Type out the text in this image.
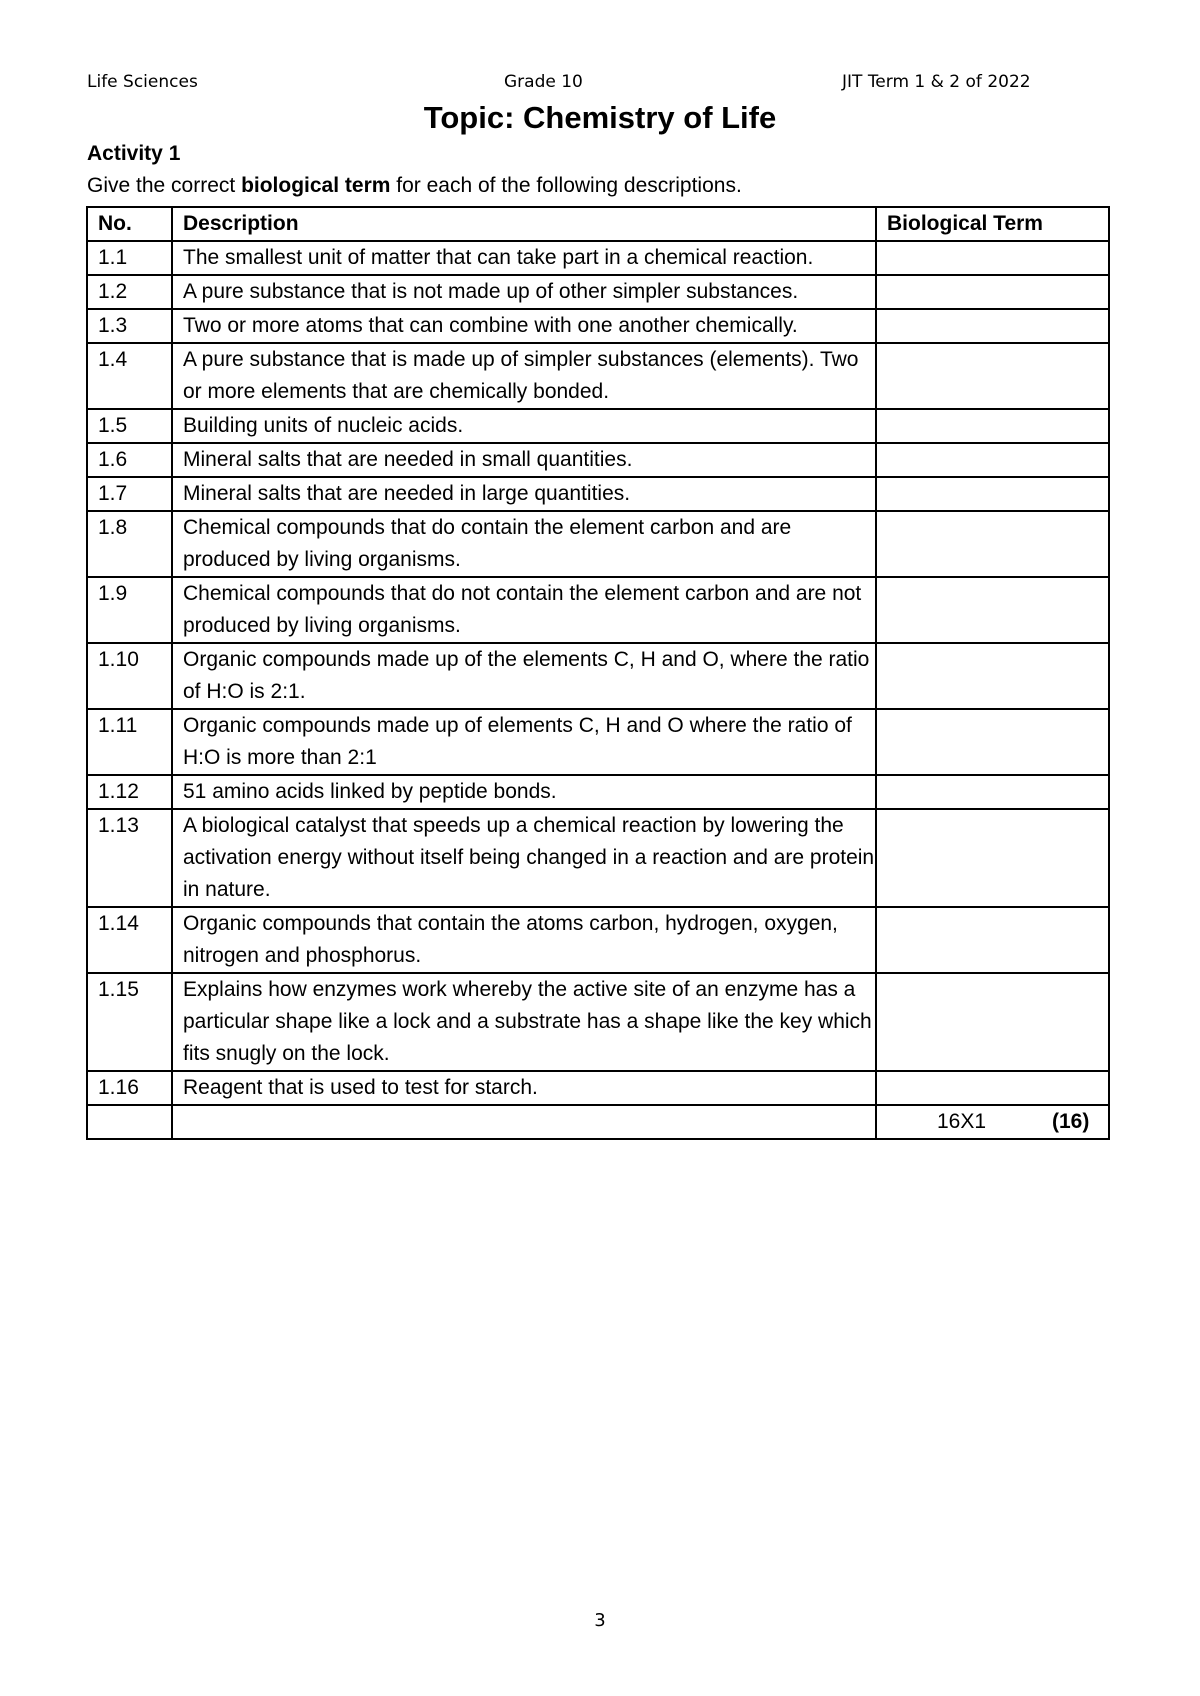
Life Sciences	Grade 10	JIT Term 1 & 2 of 2022
Topic: Chemistry of Life
Activity 1
Give the correct biological term for each of the following descriptions.
No.	Description	Biological Term
1.1	The smallest unit of matter that can take part in a chemical reaction.	
1.2	A pure substance that is not made up of other simpler substances.	
1.3	Two or more atoms that can combine with one another chemically.	
1.4	A pure substance that is made up of simpler substances (elements). Two or more elements that are chemically bonded.	
1.5	Building units of nucleic acids.	
1.6	Mineral salts that are needed in small quantities.	
1.7	Mineral salts that are needed in large quantities.	
1.8	Chemical compounds that do contain the element carbon and are produced by living organisms.	
1.9	Chemical compounds that do not contain the element carbon and are not produced by living organisms.	
1.10	Organic compounds made up of the elements C, H and O, where the ratio of H:O is 2:1.	
1.11	Organic compounds made up of elements C, H and O where the ratio of H:O is more than 2:1	
1.12	51 amino acids linked by peptide bonds.	
1.13	A biological catalyst that speeds up a chemical reaction by lowering the activation energy without itself being changed in a reaction and are protein in nature.	
1.14	Organic compounds that contain the atoms carbon, hydrogen, oxygen, nitrogen and phosphorus.	
1.15	Explains how enzymes work whereby the active site of an enzyme has a particular shape like a lock and a substrate has a shape like the key which fits snugly on the lock.	
1.16	Reagent that is used to test for starch.	

		16X1 (16)
3
